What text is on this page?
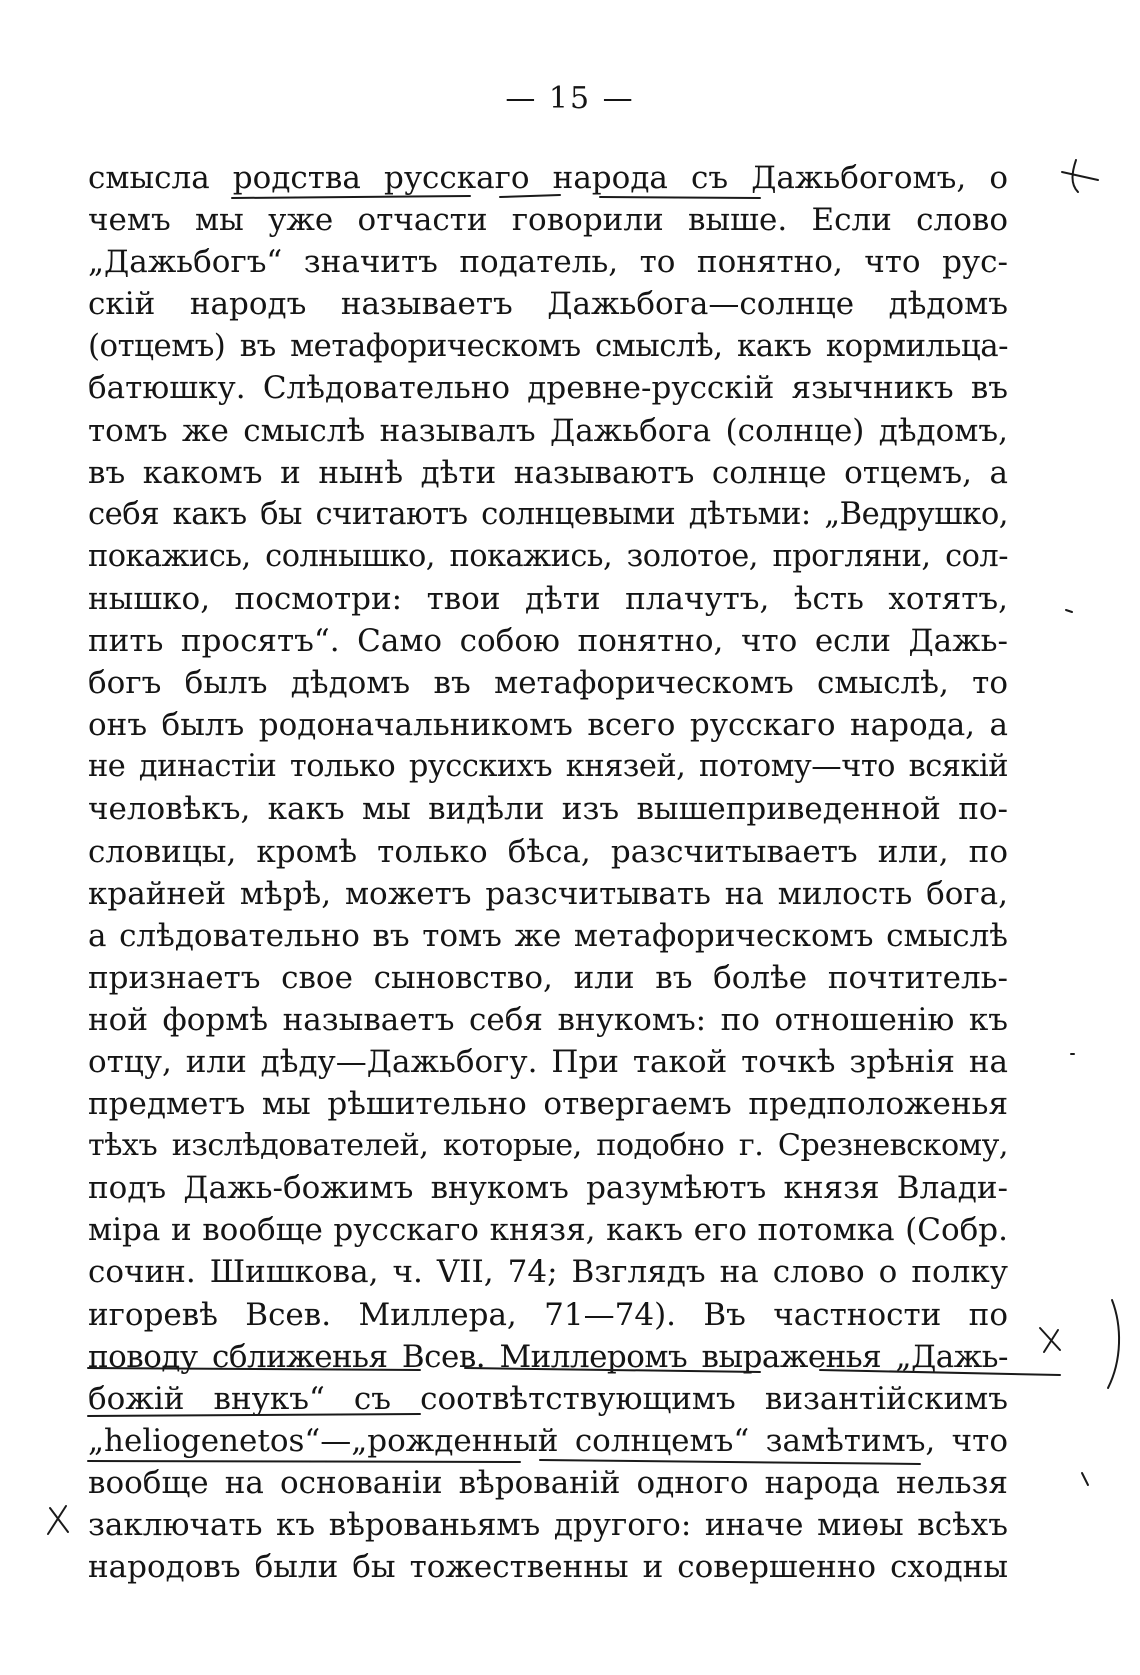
— 15 —
смысла родства русскаго народа съ Дажьбогомъ, о
чемъ мы уже отчасти говорили выше. Если слово
„Дажьбогъ“ значитъ податель, то понятно, что рус-
скій народъ называетъ Дажьбога—солнце дѣдомъ
(отцемъ) въ метафорическомъ смыслѣ, какъ кормильца-
батюшку. Слѣдовательно древне-русскій язычникъ въ
томъ же смыслѣ называлъ Дажьбога (солнце) дѣдомъ,
въ какомъ и нынѣ дѣти называютъ солнце отцемъ, а
себя какъ бы считаютъ солнцевыми дѣтьми: „Ведрушко,
покажись, солнышко, покажись, золотое, прогляни, сол-
нышко, посмотри: твои дѣти плачутъ, ѣсть хотятъ,
пить просятъ“. Само собою понятно, что если Дажь-
богъ былъ дѣдомъ въ метафорическомъ смыслѣ, то
онъ былъ родоначальникомъ всего русскаго народа, а
не династіи только русскихъ князей, потому—что всякій
человѣкъ, какъ мы видѣли изъ вышеприведенной по-
словицы, кромѣ только бѣса, разсчитываетъ или, по
крайней мѣрѣ, можетъ разсчитывать на милость бога,
а слѣдовательно въ томъ же метафорическомъ смыслѣ
признаетъ свое сыновство, или въ болѣе почтитель-
ной формѣ называетъ себя внукомъ: по отношенію къ
отцу, или дѣду—Дажьбогу. При такой точкѣ зрѣнія на
предметъ мы рѣшительно отвергаемъ предположенья
тѣхъ изслѣдователей, которые, подобно г. Срезневскому,
подъ Дажь-божимъ внукомъ разумѣютъ князя Влади-
міра и вообще русскаго князя, какъ его потомка (Собр.
сочин. Шишкова, ч. VII, 74; Взглядъ на слово о полку
игоревѣ Всев. Миллера, 71—74). Въ частности по
поводу сближенья Всев. Миллеромъ выраженья „Дажь-
божій внукъ“ съ соотвѣтствующимъ византійскимъ
„heliogenetos“—„рожденный солнцемъ“ замѣтимъ, что
вообще на основаніи вѣрованій одного народа нельзя
заключать къ вѣрованьямъ другого: иначе миѳы всѣхъ
народовъ были бы тожественны и совершенно сходны
